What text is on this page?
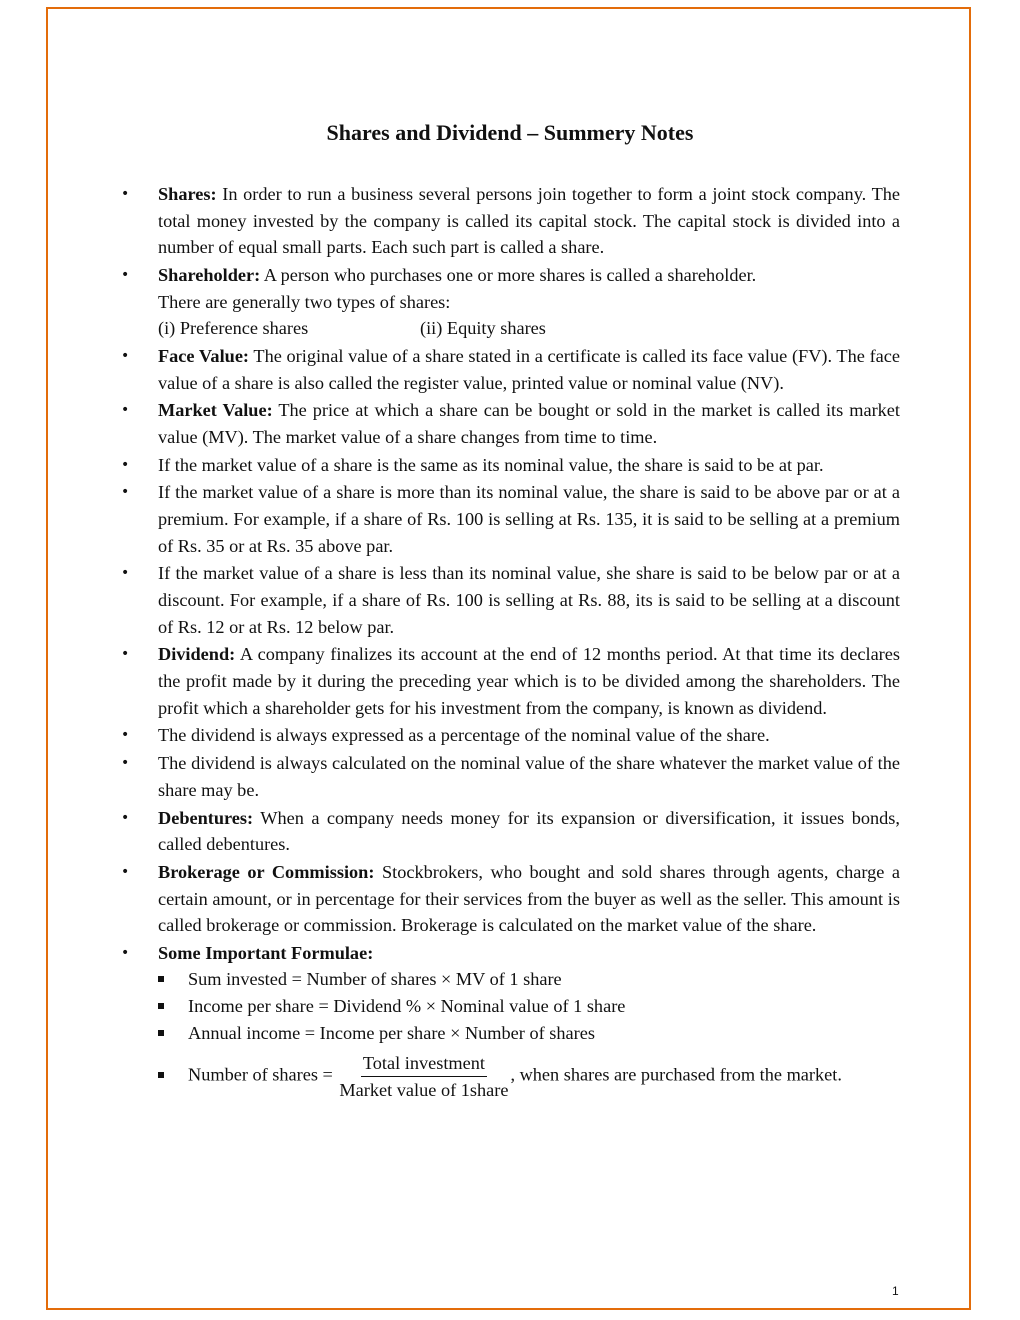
Shares and Dividend – Summery Notes
• Shares: In order to run a business several persons join together to form a joint stock company. The total money invested by the company is called its capital stock. The capital stock is divided into a number of equal small parts. Each such part is called a share.
• Shareholder: A person who purchases one or more shares is called a shareholder.
There are generally two types of shares:
(i) Preference shares	(ii) Equity shares
• Face Value: The original value of a share stated in a certificate is called its face value (FV). The face value of a share is also called the register value, printed value or nominal value (NV).
• Market Value: The price at which a share can be bought or sold in the market is called its market value (MV). The market value of a share changes from time to time.
• If the market value of a share is the same as its nominal value, the share is said to be at par.
• If the market value of a share is more than its nominal value, the share is said to be above par or at a premium. For example, if a share of Rs. 100 is selling at Rs. 135, it is said to be selling at a premium of Rs. 35 or at Rs. 35 above par.
• If the market value of a share is less than its nominal value, she share is said to be below par or at a discount. For example, if a share of Rs. 100 is selling at Rs. 88, its is said to be selling at a discount of Rs. 12 or at Rs. 12 below par.
• Dividend: A company finalizes its account at the end of 12 months period. At that time its declares the profit made by it during the preceding year which is to be divided among the shareholders. The profit which a shareholder gets for his investment from the company, is known as dividend.
• The dividend is always expressed as a percentage of the nominal value of the share.
• The dividend is always calculated on the nominal value of the share whatever the market value of the share may be.
• Debentures: When a company needs money for its expansion or diversification, it issues bonds, called debentures.
• Brokerage or Commission: Stockbrokers, who bought and sold shares through agents, charge a certain amount, or in percentage for their services from the buyer as well as the seller. This amount is called brokerage or commission. Brokerage is calculated on the market value of the share.
• Some Important Formulae:
Sum invested = Number of shares × MV of 1 share
Income per share = Dividend % × Nominal value of 1 share
Annual income = Income per share × Number of shares
Number of shares = $\frac{\text{Total investment}}{\text{Market value of 1share}}$ , when shares are purchased from the market.
1
